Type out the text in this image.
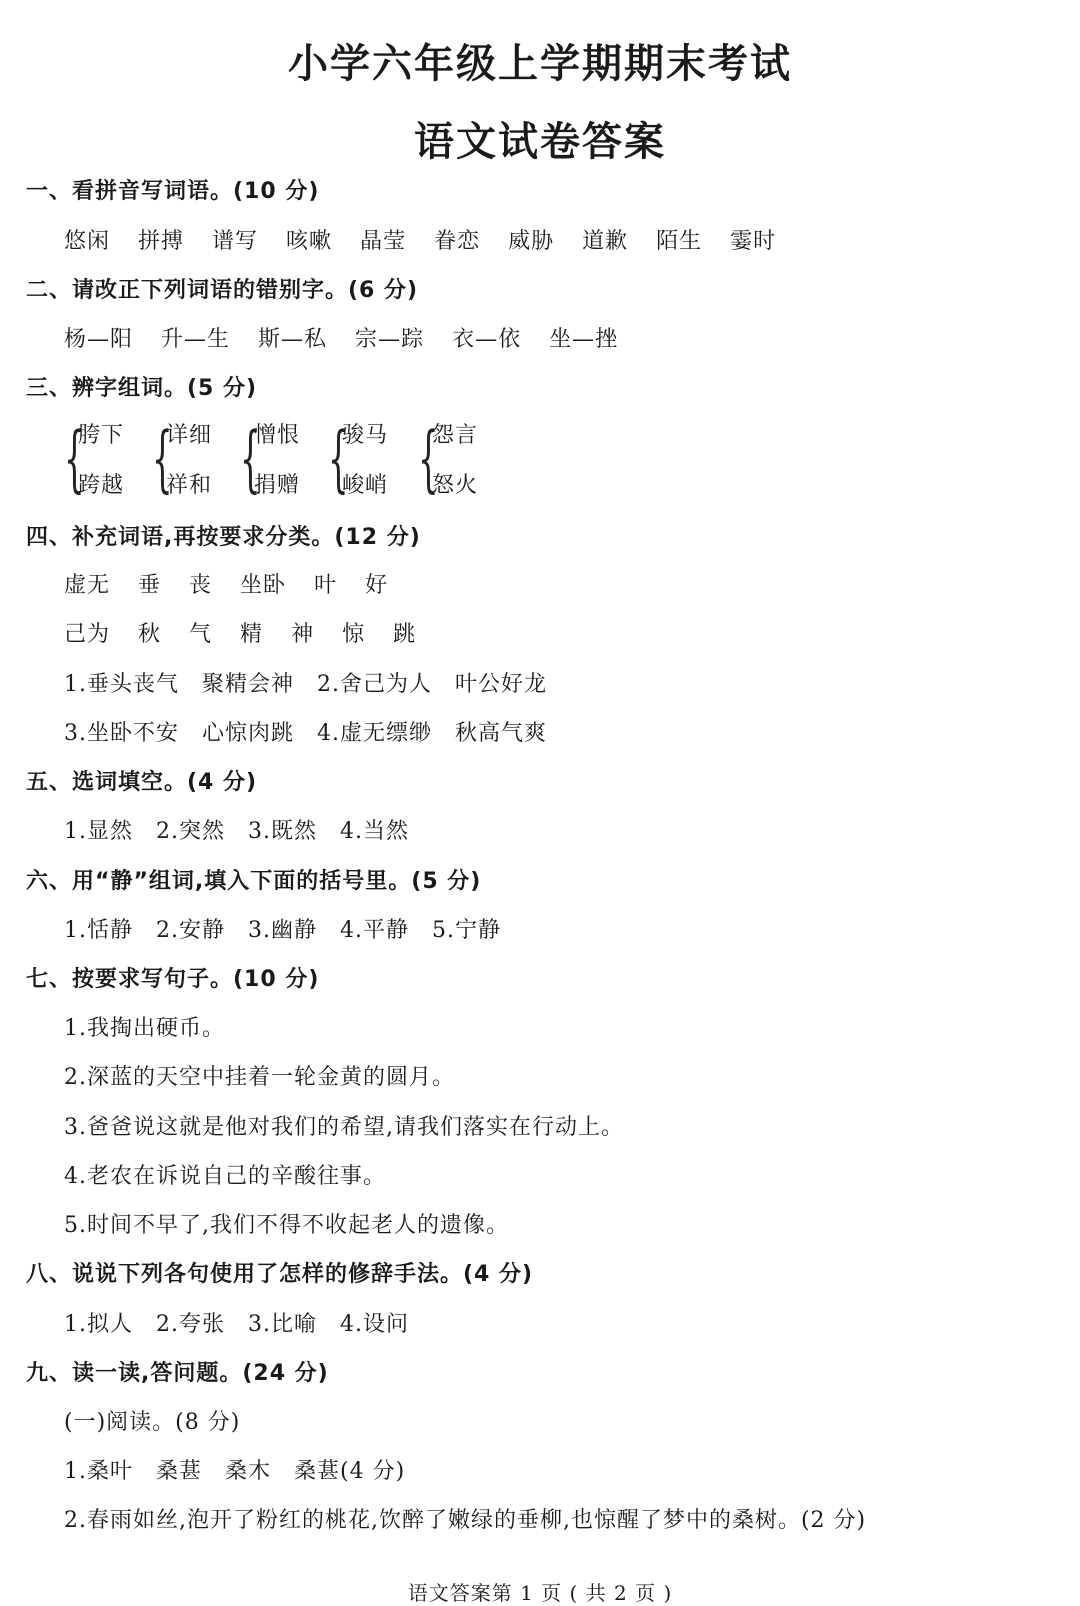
小学六年级上学期期末考试
语文试卷答案
一、看拼音写词语。(10 分)
悠闲 拼搏 谱写 咳嗽 晶莹 眷恋 威胁 道歉 陌生 霎时
二、请改正下列词语的错别字。(6 分)
杨—阳 升—生 斯—私 宗—踪 衣—依 坐—挫
三、辨字组词。(5 分)
{
胯下
跨越 {
详细
祥和 {
憎恨
捐赠 {
骏马
峻峭 {
怨言
怒火
四、补充词语,再按要求分类。(12 分)
虚无 垂 丧 坐卧 叶 好
己为 秋 气 精 神 惊 跳
1.垂头丧气　聚精会神　2.舍己为人　叶公好龙
3.坐卧不安　心惊肉跳　4.虚无缥缈　秋高气爽
五、选词填空。(4 分)
1.显然　2.突然　3.既然　4.当然
六、用“静”组词,填入下面的括号里。(5 分)
1.恬静　2.安静　3.幽静　4.平静　5.宁静
七、按要求写句子。(10 分)
1.我掏出硬币。
2.深蓝的天空中挂着一轮金黄的圆月。
3.爸爸说这就是他对我们的希望,请我们落实在行动上。
4.老农在诉说自己的辛酸往事。
5.时间不早了,我们不得不收起老人的遗像。
八、说说下列各句使用了怎样的修辞手法。(4 分)
1.拟人　2.夸张　3.比喻　4.设问
九、读一读,答问题。(24 分)
(一)阅读。(8 分)
1.桑叶　桑葚　桑木　桑葚(4 分)
2.春雨如丝,泡开了粉红的桃花,饮醉了嫩绿的垂柳,也惊醒了梦中的桑树。(2 分)
语文答案第 1 页 ( 共 2 页 )
